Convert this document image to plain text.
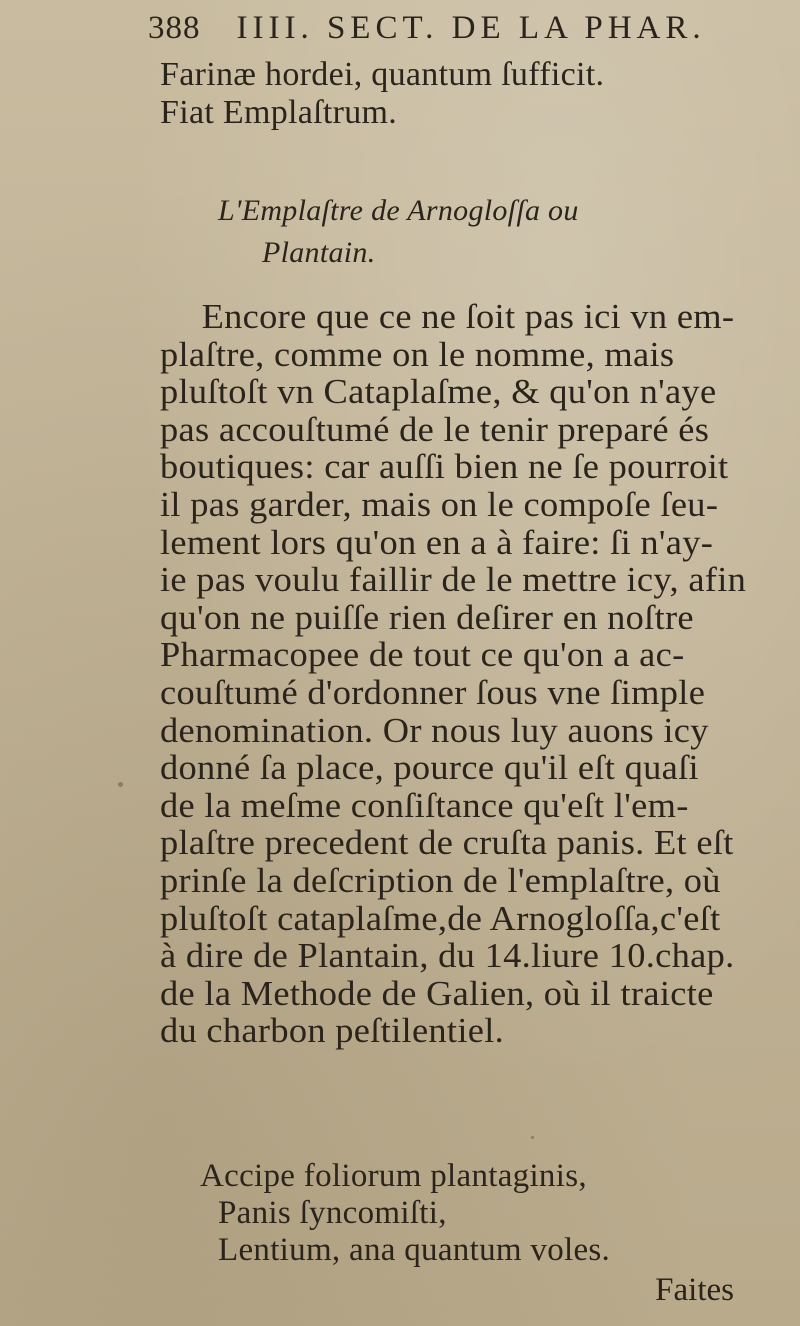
388 IIII. SECT. DE LA PHAR.
Farinæ hordei, quantum ſufficit.
Fiat Emplaſtrum.
L'Emplaſtre de Arnogloſſa ou
Plantain.
Encore que ce ne ſoit pas ici vn em-
plaſtre, comme on le nomme, mais
pluſtoſt vn Cataplaſme, & qu'on n'aye
pas accouſtumé de le tenir preparé és
boutiques: car auſſi bien ne ſe pourroit
il pas garder, mais on le compoſe ſeu-
lement lors qu'on en a à faire: ſi n'ay-
ie pas voulu faillir de le mettre icy, afin
qu'on ne puiſſe rien deſirer en noſtre
Pharmacopee de tout ce qu'on a ac-
couſtumé d'ordonner ſous vne ſimple
denomination. Or nous luy auons icy
donné ſa place, pource qu'il eſt quaſi
de la meſme conſiſtance qu'eſt l'em-
plaſtre precedent de cruſta panis. Et eſt
prinſe la deſcription de l'emplaſtre, où
pluſtoſt cataplaſme,de Arnogloſſa,c'eſt
à dire de Plantain, du 14.liure 10.chap.
de la Methode de Galien, où il traicte
du charbon peſtilentiel.
Accipe foliorum plantaginis,
Panis ſyncomiſti,
Lentium, ana quantum voles.
Faites
